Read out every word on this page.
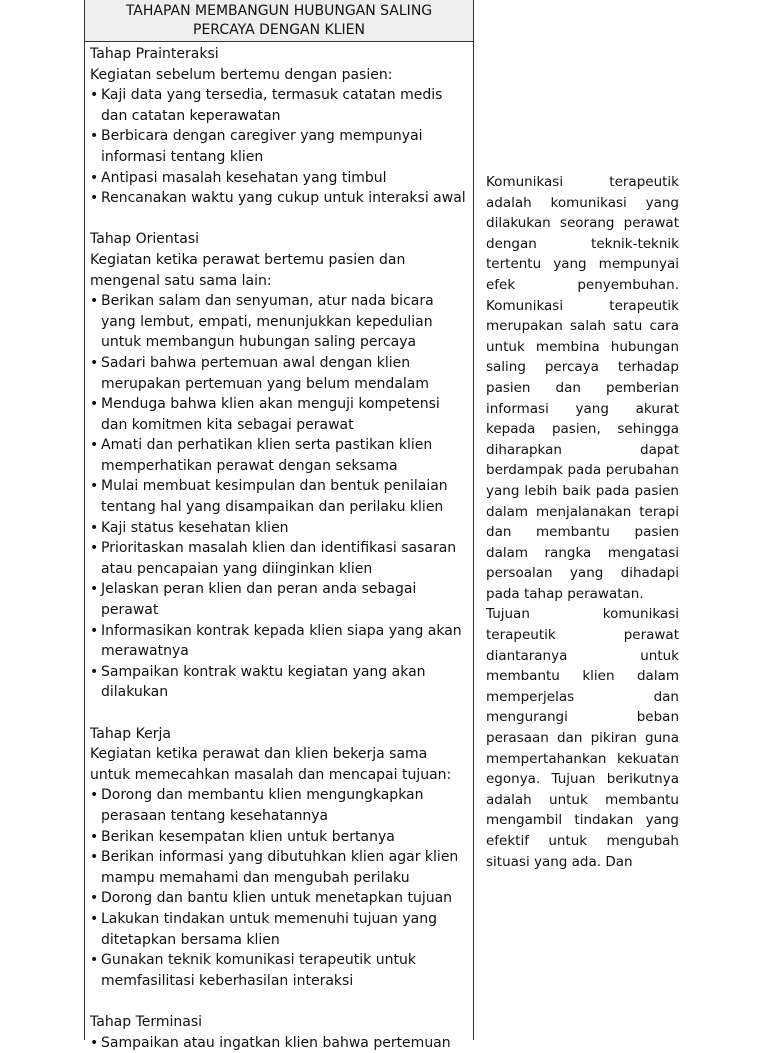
TAHAPAN MEMBANGUN HUBUNGAN SALING
PERCAYA DENGAN KLIEN
Tahap Prainteraksi
Kegiatan sebelum bertemu dengan pasien:
• Kaji data yang tersedia, termasuk catatan medis dan catatan keperawatan
• Berbicara dengan caregiver yang mempunyai informasi tentang klien
• Antipasi masalah kesehatan yang timbul
• Rencanakan waktu yang cukup untuk interaksi awal
Tahap Orientasi
Kegiatan ketika perawat bertemu pasien dan mengenal satu sama lain:
• Berikan salam dan senyuman, atur nada bicara yang lembut, empati, menunjukkan kepedulian untuk membangun hubungan saling percaya
• Sadari bahwa pertemuan awal dengan klien merupakan pertemuan yang belum mendalam
• Menduga bahwa klien akan menguji kompetensi dan komitmen kita sebagai perawat
• Amati dan perhatikan klien serta pastikan klien memperhatikan perawat dengan seksama
• Mulai membuat kesimpulan dan bentuk penilaian tentang hal yang disampaikan dan perilaku klien
• Kaji status kesehatan klien
• Prioritaskan masalah klien dan identifikasi sasaran atau pencapaian yang diinginkan klien
• Jelaskan peran klien dan peran anda sebagai perawat
• Informasikan kontrak kepada klien siapa yang akan merawatnya
• Sampaikan kontrak waktu kegiatan yang akan dilakukan
Tahap Kerja
Kegiatan ketika perawat dan klien bekerja sama untuk memecahkan masalah dan mencapai tujuan:
• Dorong dan membantu klien mengungkapkan perasaan tentang kesehatannya
• Berikan kesempatan klien untuk bertanya
• Berikan informasi yang dibutuhkan klien agar klien mampu memahami dan mengubah perilaku
• Dorong dan bantu klien untuk menetapkan tujuan
• Lakukan tindakan untuk memenuhi tujuan yang ditetapkan bersama klien
• Gunakan teknik komunikasi terapeutik untuk memfasilitasi keberhasilan interaksi
Tahap Terminasi
• Sampaikan atau ingatkan klien bahwa pertemuan

Komunikasi terapeutik adalah komunikasi yang dilakukan seorang perawat dengan teknik-teknik tertentu yang mempunyai efek penyembuhan. Komunikasi terapeutik merupakan salah satu cara untuk membina hubungan saling percaya terhadap pasien dan pemberian informasi yang akurat kepada pasien, sehingga diharapkan dapat berdampak pada perubahan yang lebih baik pada pasien dalam menjalanakan terapi dan membantu pasien dalam rangka mengatasi persoalan yang dihadapi pada tahap perawatan.

Tujuan komunikasi terapeutik perawat diantaranya untuk membantu klien dalam memperjelas dan mengurangi beban perasaan dan pikiran guna mempertahankan kekuatan egonya. Tujuan berikutnya adalah untuk membantu mengambil tindakan yang efektif untuk mengubah situasi yang ada. Dan
